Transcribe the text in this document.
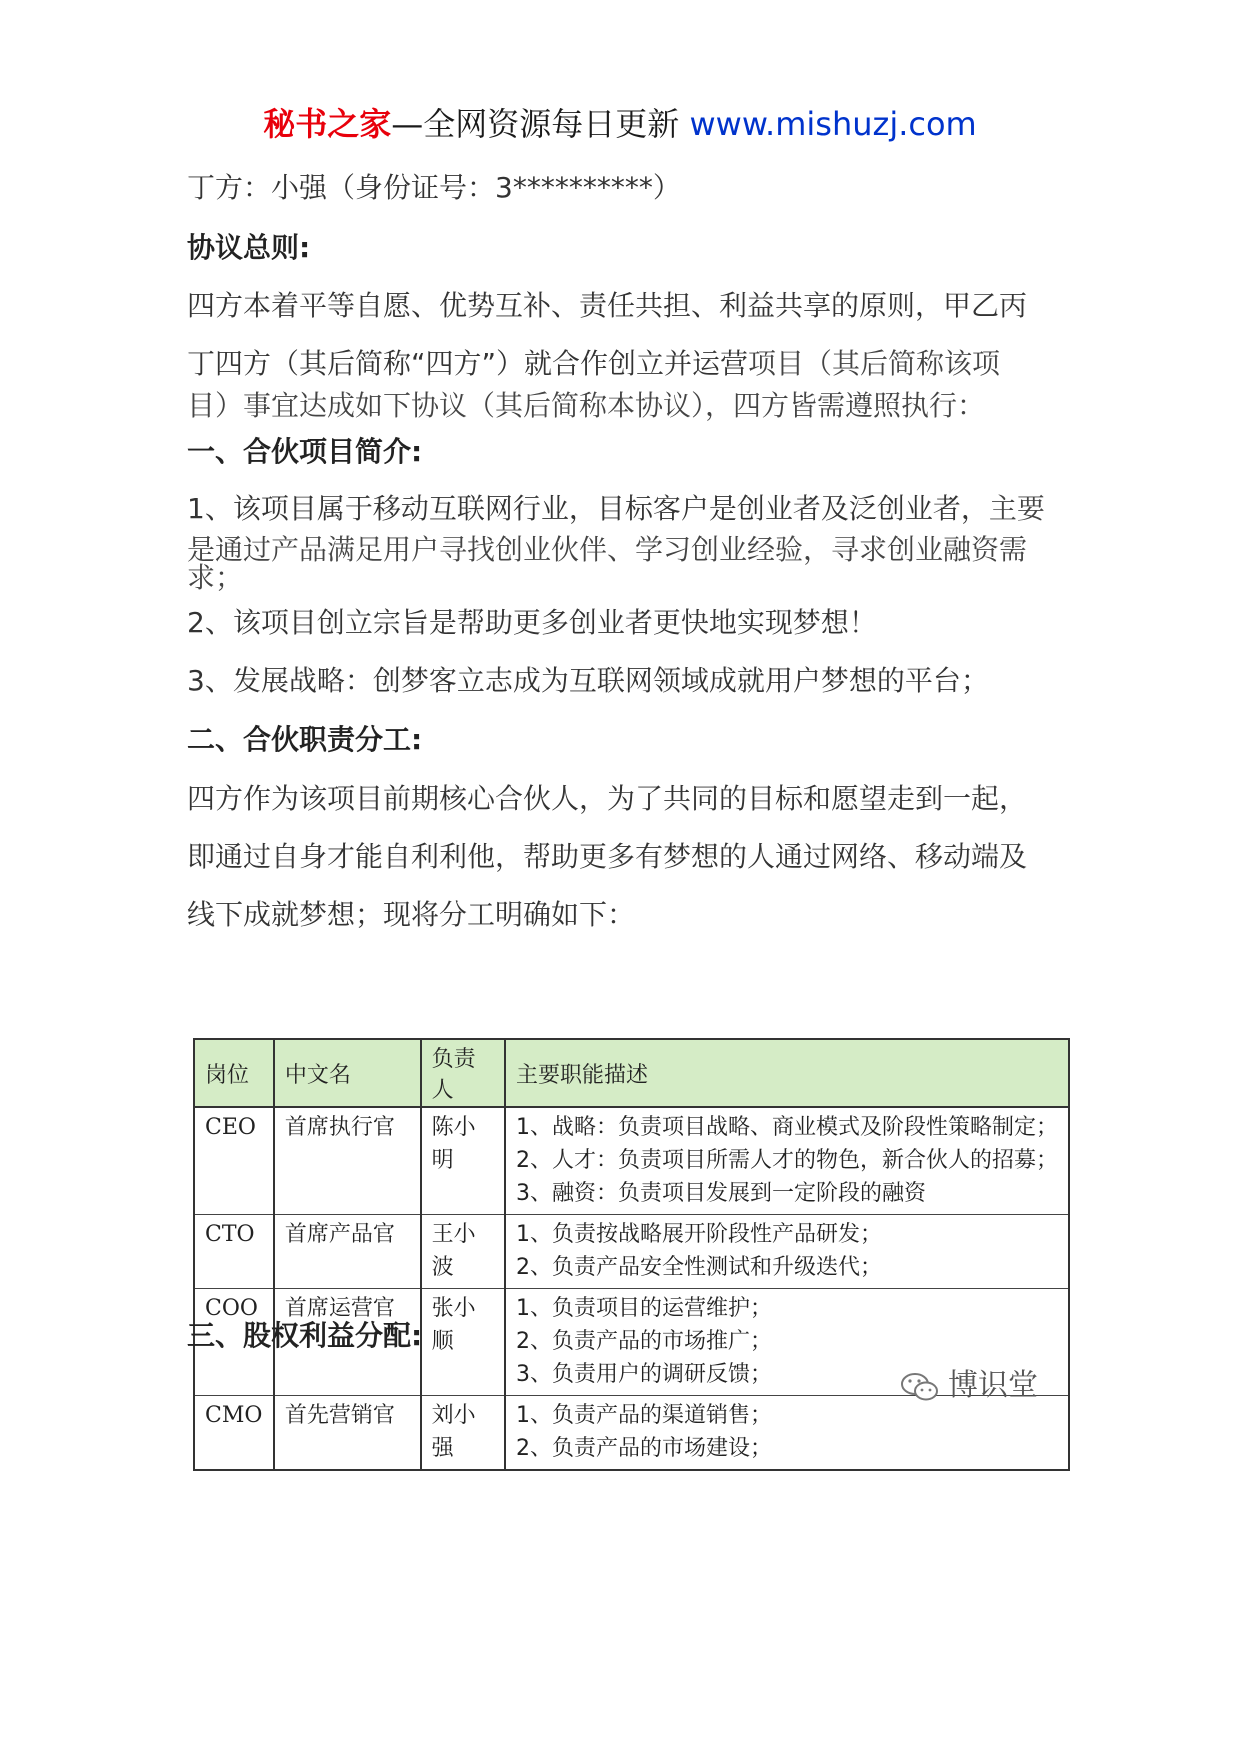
秘书之家—全网资源每日更新 www.mishuzj.com
丁方：小强（身份证号：3**********）
协议总则:
四方本着平等自愿、优势互补、责任共担、利益共享的原则，甲乙丙
丁四方（其后简称“四方”）就合作创立并运营项目（其后简称该项
目）事宜达成如下协议（其后简称本协议），四方皆需遵照执行：
一、合伙项目简介:
1、该项目属于移动互联网行业，目标客户是创业者及泛创业者，主要
是通过产品满足用户寻找创业伙伴、学习创业经验，寻求创业融资需
求；
2、该项目创立宗旨是帮助更多创业者更快地实现梦想！
3、发展战略：创梦客立志成为互联网领域成就用户梦想的平台；
二、合伙职责分工:
四方作为该项目前期核心合伙人，为了共同的目标和愿望走到一起，
即通过自身才能自利利他，帮助更多有梦想的人通过网络、移动端及
线下成就梦想；现将分工明确如下：
岗位	中文名	负责人	主要职能描述
CEO	首席执行官	陈小明	1、战略：负责项目战略、商业模式及阶段性策略制定；
2、人才：负责项目所需人才的物色，新合伙人的招募；
3、融资：负责项目发展到一定阶段的融资

CTO	首席产品官	王小波	1、负责按战略展开阶段性产品研发；
2、负责产品安全性测试和升级迭代；

COO	首席运营官	张小顺	1、负责项目的运营维护；
2、负责产品的市场推广；
3、负责用户的调研反馈；

CMO	首先营销官	刘小强	1、负责产品的渠道销售；
2、负责产品的市场建设；
博识堂
三、股权利益分配:
